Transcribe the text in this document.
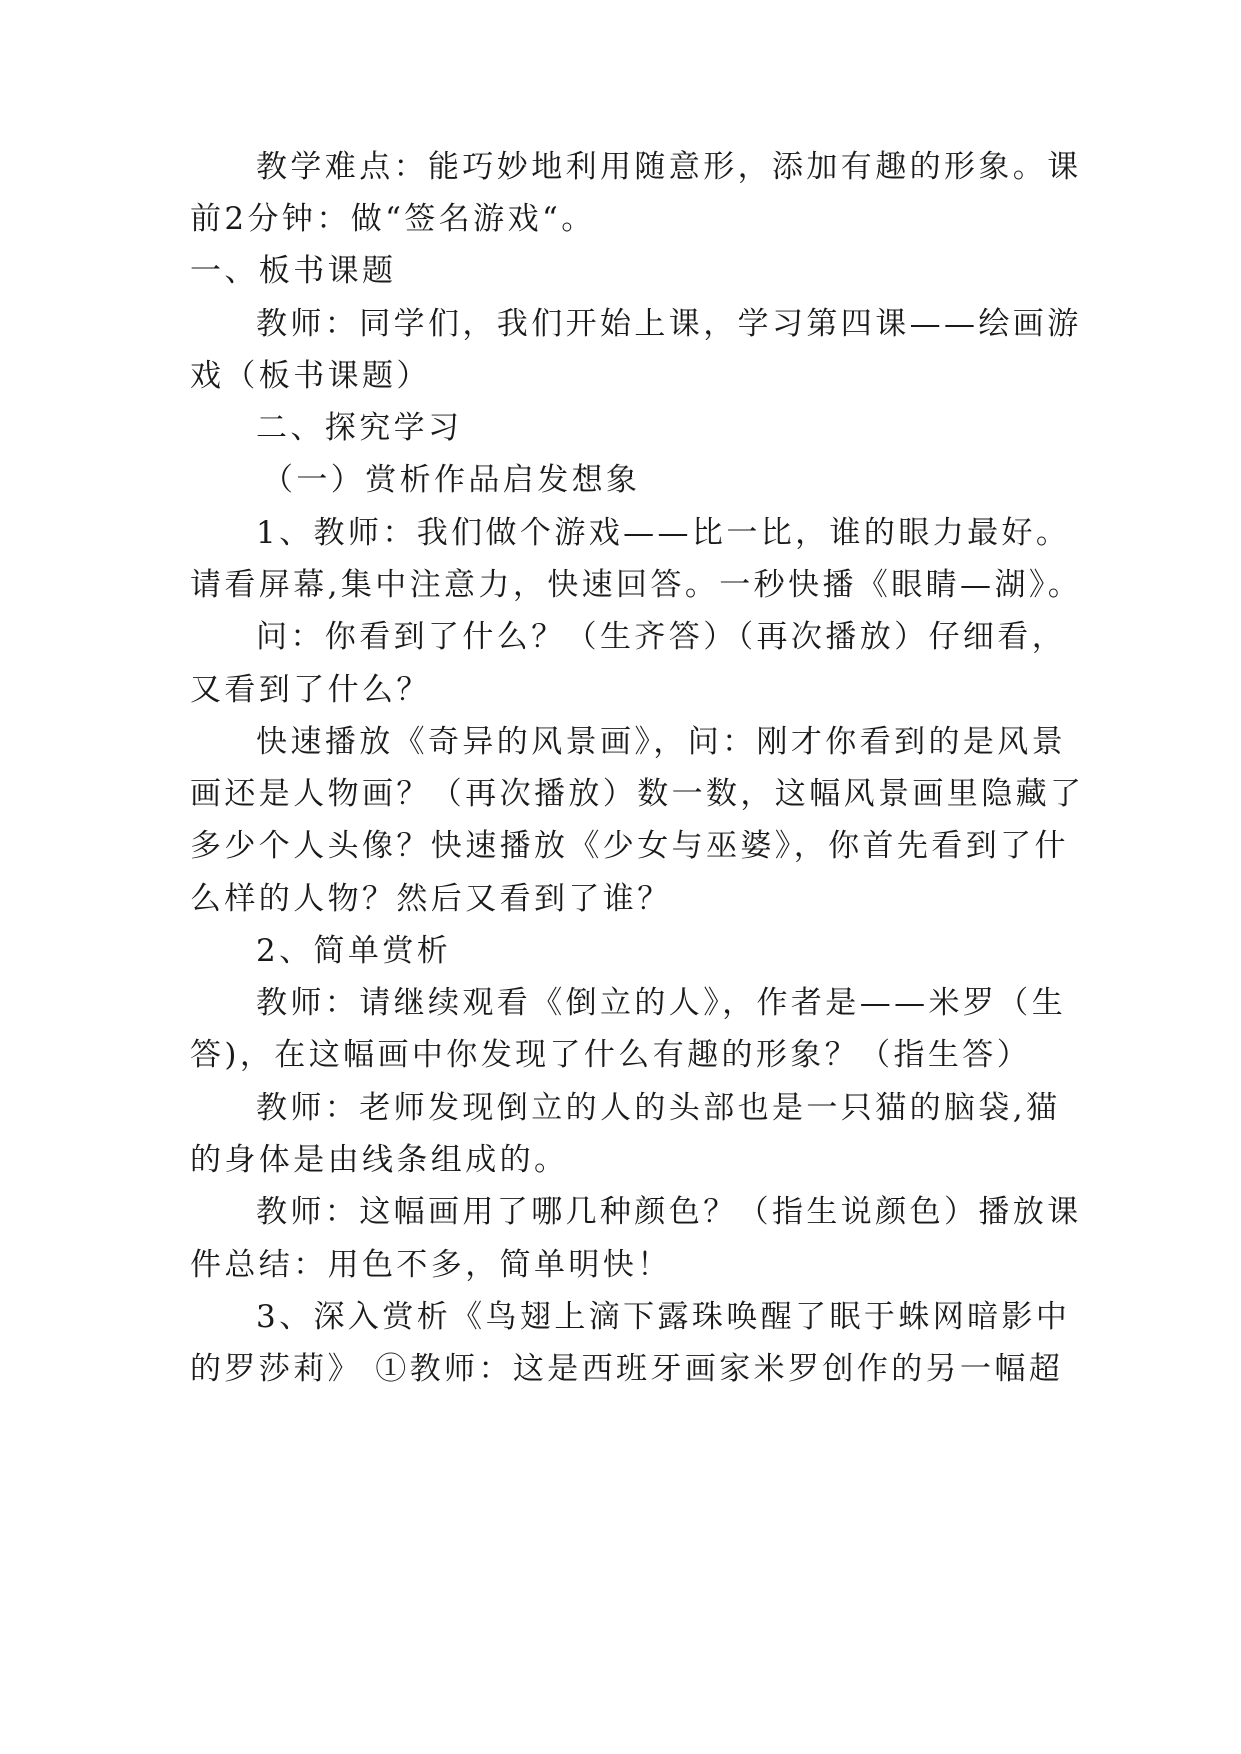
教学难点：能巧妙地利用随意形，添加有趣的形象。课
前2分钟：做“签名游戏“。
一、板书课题
教师：同学们，我们开始上课，学习第四课——绘画游
戏（板书课题）
二、探究学习
（一）赏析作品启发想象
1、教师：我们做个游戏——比一比，谁的眼力最好。
请看屏幕,集中注意力，快速回答。一秒快播《眼睛—湖》。
问：你看到了什么？（生齐答）（再次播放）仔细看，
又看到了什么？
快速播放《奇异的风景画》，问：刚才你看到的是风景
画还是人物画？（再次播放）数一数，这幅风景画里隐藏了
多少个人头像？快速播放《少女与巫婆》，你首先看到了什
么样的人物？然后又看到了谁？
2、简单赏析
教师：请继续观看《倒立的人》，作者是——米罗（生
答)，在这幅画中你发现了什么有趣的形象？（指生答）
教师：老师发现倒立的人的头部也是一只猫的脑袋,猫
的身体是由线条组成的。
教师：这幅画用了哪几种颜色？（指生说颜色）播放课
件总结：用色不多，简单明快！
3、深入赏析《鸟翅上滴下露珠唤醒了眠于蛛网暗影中
的罗莎莉》 ①教师：这是西班牙画家米罗创作的另一幅超
